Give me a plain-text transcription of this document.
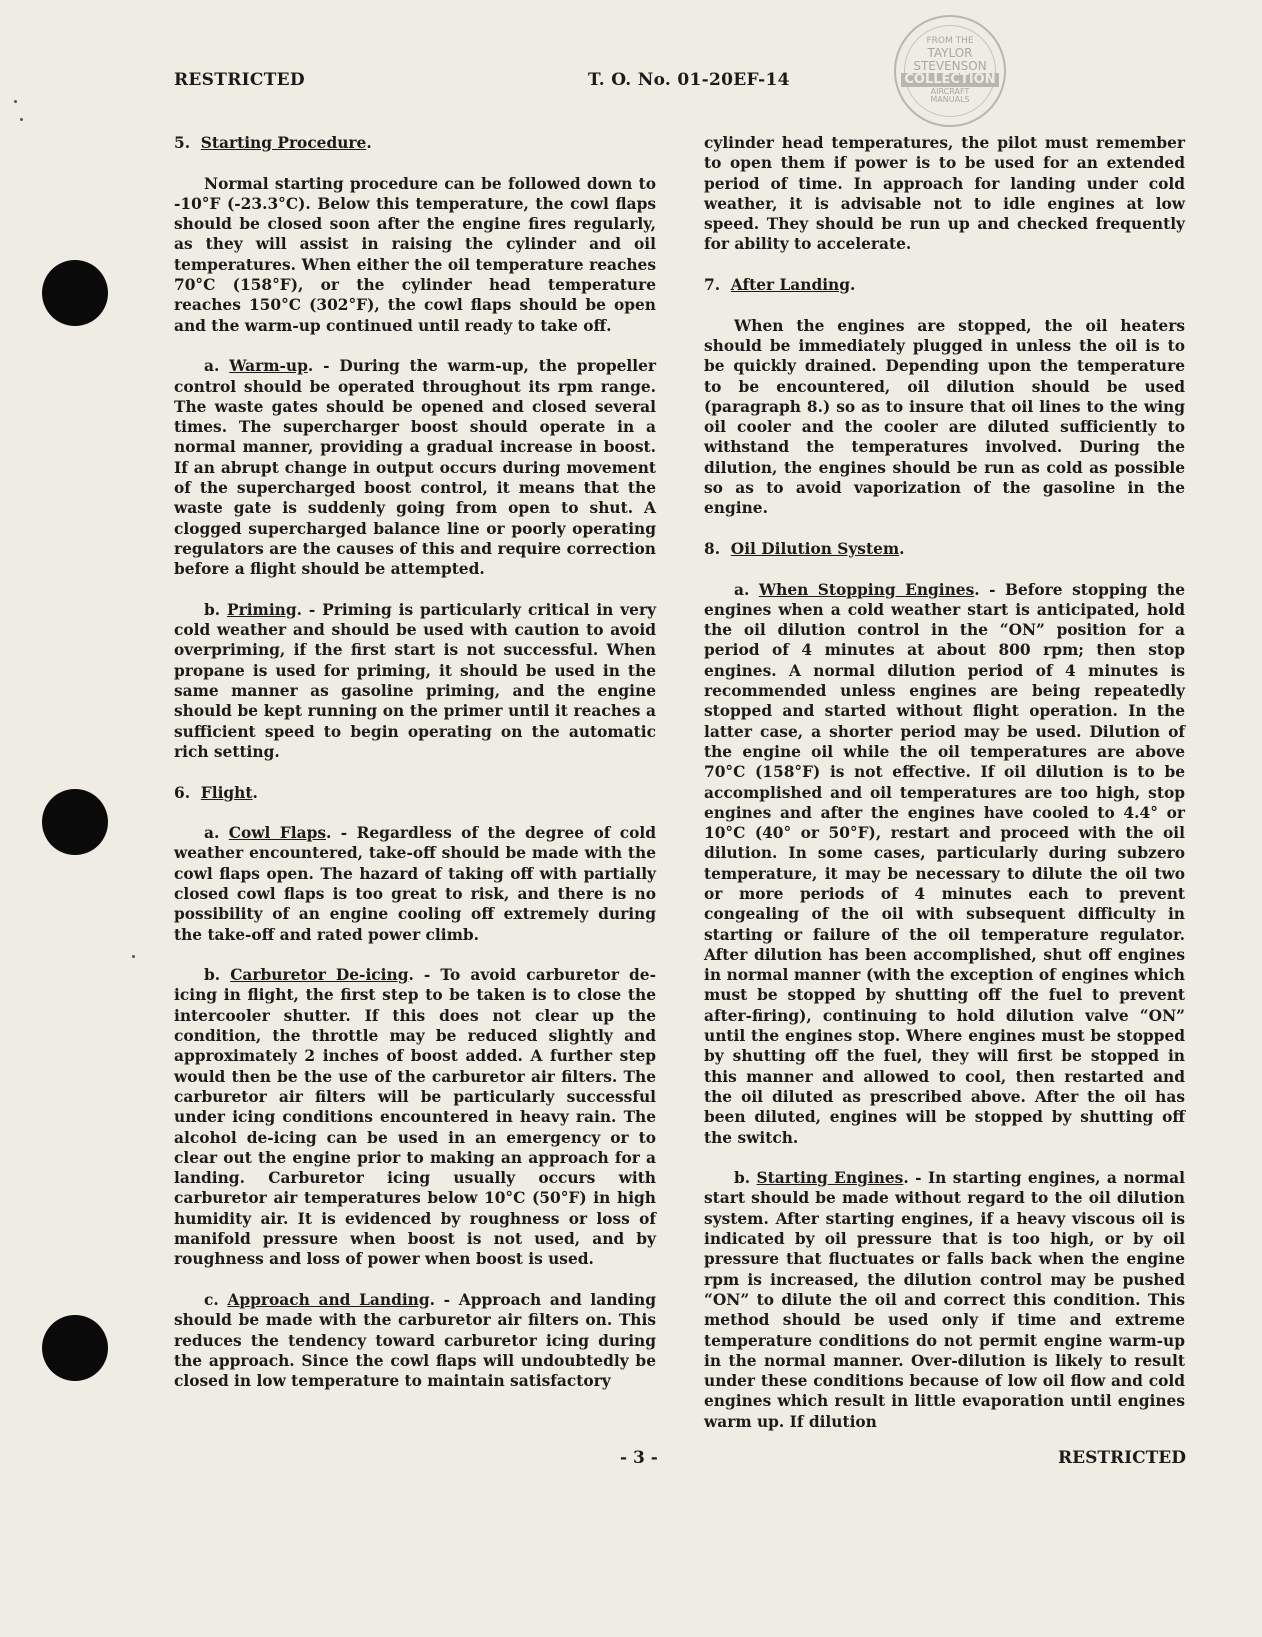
RESTRICTED	T. O. No. 01-20EF-14
FROM THE
TAYLOR
STEVENSON
COLLECTION
AIRCRAFT
MANUALS

5. Starting Procedure.

Normal starting procedure can be followed down to -10°F (-23.3°C). Below this temperature, the cowl flaps should be closed soon after the engine fires regularly, as they will assist in raising the cylinder and oil temperatures. When either the oil temperature reaches 70°C (158°F), or the cylinder head temperature reaches 150°C (302°F), the cowl flaps should be open and the warm-up continued until ready to take off.

a. Warm-up. - During the warm-up, the propeller control should be operated throughout its rpm range. The waste gates should be opened and closed several times. The supercharger boost should operate in a normal manner, providing a gradual increase in boost. If an abrupt change in output occurs during movement of the supercharged boost control, it means that the waste gate is suddenly going from open to shut. A clogged supercharged balance line or poorly operating regulators are the causes of this and require correction before a flight should be attempted.

b. Priming. - Priming is particularly critical in very cold weather and should be used with caution to avoid overpriming, if the first start is not successful. When propane is used for priming, it should be used in the same manner as gasoline priming, and the engine should be kept running on the primer until it reaches a sufficient speed to begin operating on the automatic rich setting.

6. Flight.

a. Cowl Flaps. - Regardless of the degree of cold weather encountered, take-off should be made with the cowl flaps open. The hazard of taking off with partially closed cowl flaps is too great to risk, and there is no possibility of an engine cooling off extremely during the take-off and rated power climb.

b. Carburetor De-icing. - To avoid carburetor de-icing in flight, the first step to be taken is to close the intercooler shutter. If this does not clear up the condition, the throttle may be reduced slightly and approximately 2 inches of boost added. A further step would then be the use of the carburetor air filters. The carburetor air filters will be particularly successful under icing conditions encountered in heavy rain. The alcohol de-icing can be used in an emergency or to clear out the engine prior to making an approach for a landing. Carburetor icing usually occurs with carburetor air temperatures below 10°C (50°F) in high humidity air. It is evidenced by roughness or loss of manifold pressure when boost is not used, and by roughness and loss of power when boost is used.

c. Approach and Landing. - Approach and landing should be made with the carburetor air filters on. This reduces the tendency toward carburetor icing during the approach. Since the cowl flaps will undoubtedly be closed in low temperature to maintain satisfactory

cylinder head temperatures, the pilot must remember to open them if power is to be used for an extended period of time. In approach for landing under cold weather, it is advisable not to idle engines at low speed. They should be run up and checked frequently for ability to accelerate.

7. After Landing.

When the engines are stopped, the oil heaters should be immediately plugged in unless the oil is to be quickly drained. Depending upon the temperature to be encountered, oil dilution should be used (paragraph 8.) so as to insure that oil lines to the wing oil cooler and the cooler are diluted sufficiently to withstand the temperatures involved. During the dilution, the engines should be run as cold as possible so as to avoid vaporization of the gasoline in the engine.

8. Oil Dilution System.

a. When Stopping Engines. - Before stopping the engines when a cold weather start is anticipated, hold the oil dilution control in the “ON” position for a period of 4 minutes at about 800 rpm; then stop engines. A normal dilution period of 4 minutes is recommended unless engines are being repeatedly stopped and started without flight operation. In the latter case, a shorter period may be used. Dilution of the engine oil while the oil temperatures are above 70°C (158°F) is not effective. If oil dilution is to be accomplished and oil temperatures are too high, stop engines and after the engines have cooled to 4.4° or 10°C (40° or 50°F), restart and proceed with the oil dilution. In some cases, particularly during subzero temperature, it may be necessary to dilute the oil two or more periods of 4 minutes each to prevent congealing of the oil with subsequent difficulty in starting or failure of the oil temperature regulator. After dilution has been accomplished, shut off engines in normal manner (with the exception of engines which must be stopped by shutting off the fuel to prevent after-firing), continuing to hold dilution valve “ON” until the engines stop. Where engines must be stopped by shutting off the fuel, they will first be stopped in this manner and allowed to cool, then restarted and the oil diluted as prescribed above. After the oil has been diluted, engines will be stopped by shutting off the switch.

b. Starting Engines. - In starting engines, a normal start should be made without regard to the oil dilution system. After starting engines, if a heavy viscous oil is indicated by oil pressure that is too high, or by oil pressure that fluctuates or falls back when the engine rpm is increased, the dilution control may be pushed “ON” to dilute the oil and correct this condition. This method should be used only if time and extreme temperature conditions do not permit engine warm-up in the normal manner. Over-dilution is likely to result under these conditions because of low oil flow and cold engines which result in little evaporation until engines warm up. If dilution

- 3 -	RESTRICTED
